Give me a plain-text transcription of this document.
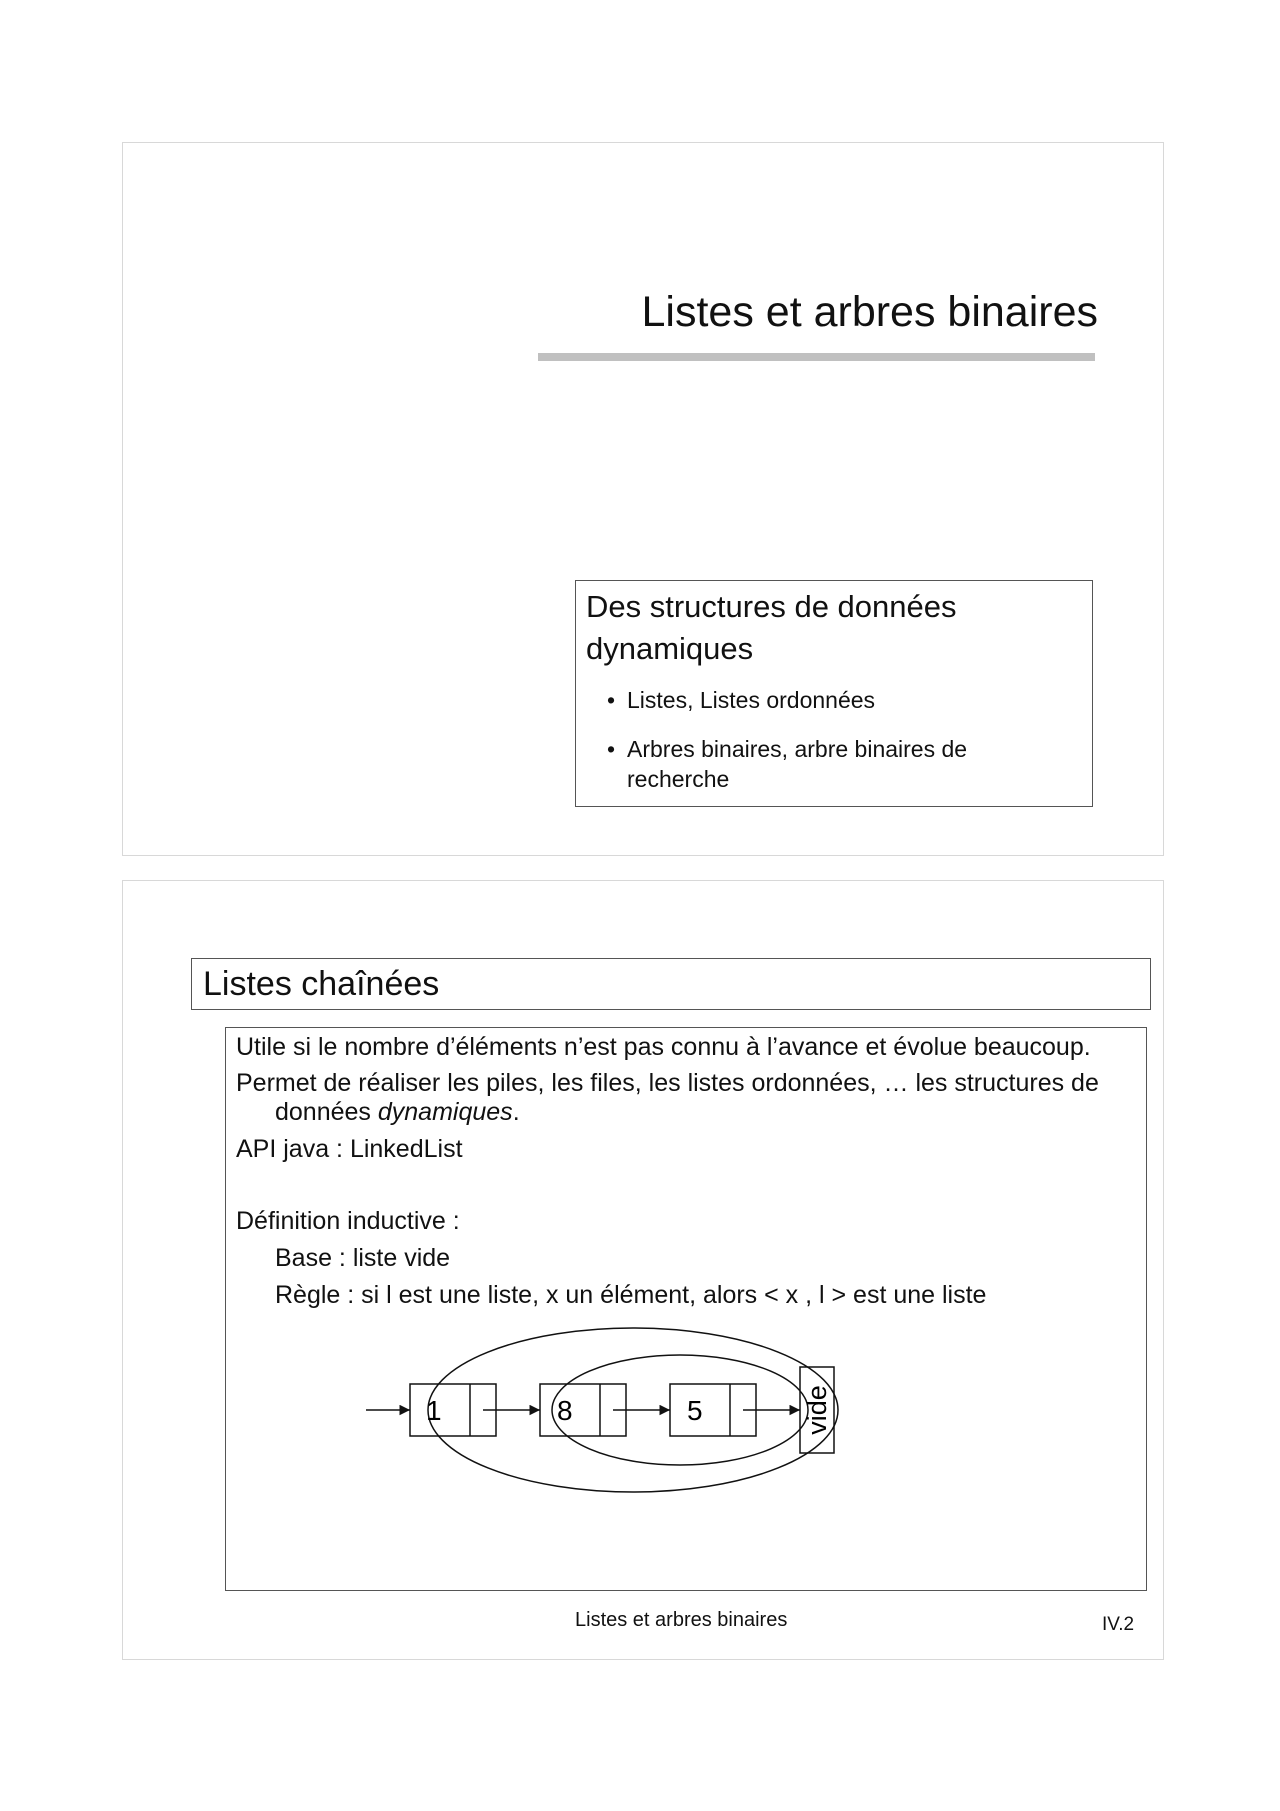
Listes et arbres binaires
Des structures de données dynamiques
• Listes, Listes ordonnées
• Arbres binaires, arbre binaires de recherche
Listes chaînées
Utile si le nombre d’éléments n’est pas connu à l’avance et évolue beaucoup.
Permet de réaliser les piles, les files, les listes ordonnées, … les structures de
données dynamiques.
API java : LinkedList
Définition inductive :
Base : liste vide
Règle : si l est une liste, x un élément, alors < x , l > est une liste
1	8	5	vide
Listes et arbres binaires	IV.2
